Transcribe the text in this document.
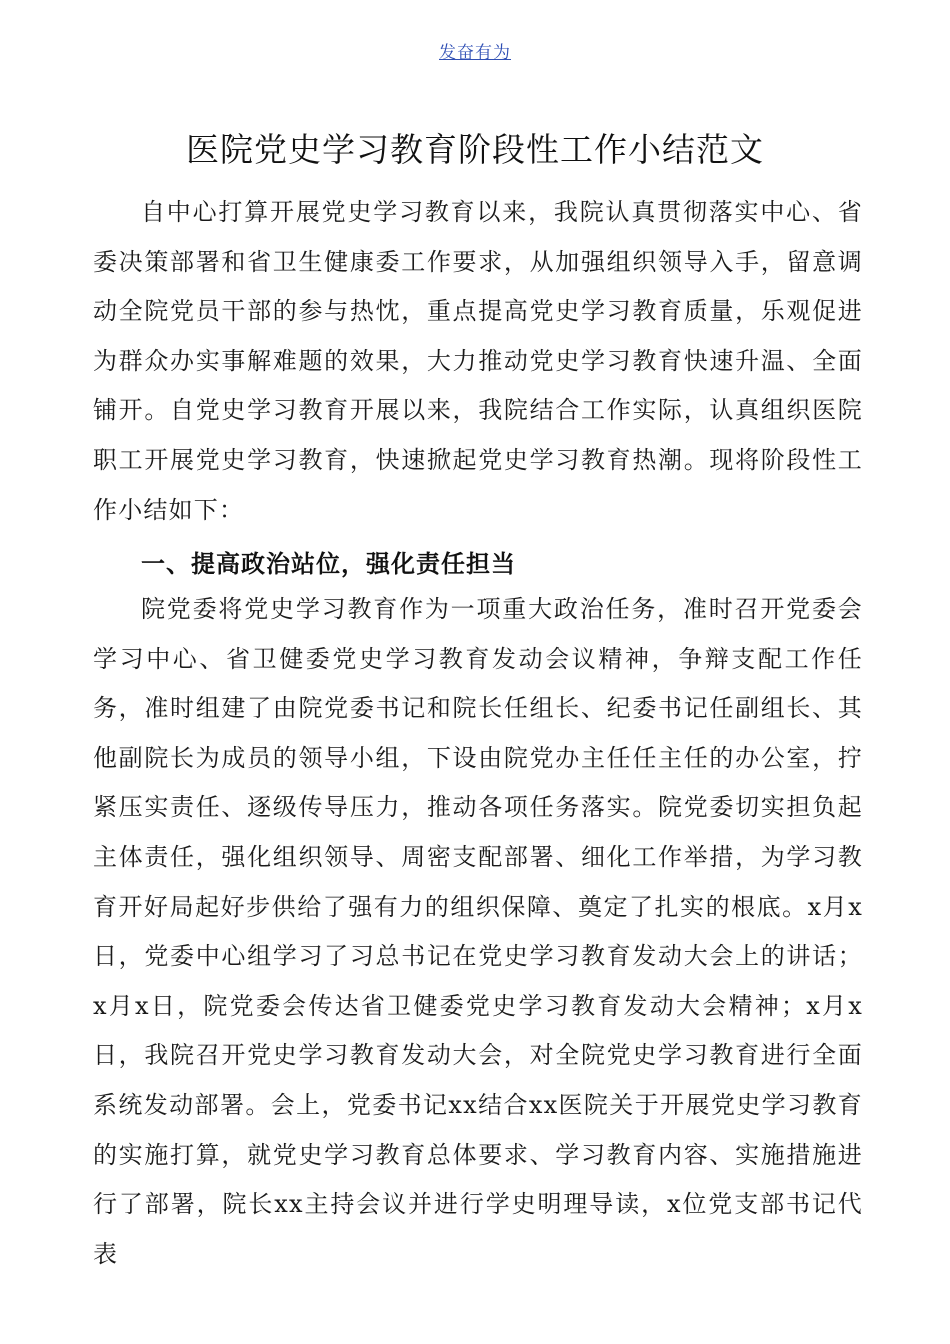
发奋有为
医院党史学习教育阶段性工作小结范文

自中心打算开展党史学习教育以来，我院认真贯彻落实中心、省委决策部署和省卫生健康委工作要求，从加强组织领导入手，留意调动全院党员干部的参与热忱，重点提高党史学习教育质量，乐观促进为群众办实事解难题的效果，大力推动党史学习教育快速升温、全面铺开。自党史学习教育开展以来，我院结合工作实际，认真组织医院职工开展党史学习教育，快速掀起党史学习教育热潮。现将阶段性工作小结如下：

一、提高政治站位，强化责任担当

院党委将党史学习教育作为一项重大政治任务，准时召开党委会学习中心、省卫健委党史学习教育发动会议精神，争辩支配工作任务，准时组建了由院党委书记和院长任组长、纪委书记任副组长、其他副院长为成员的领导小组，下设由院党办主任任主任的办公室，拧紧压实责任、逐级传导压力，推动各项任务落实。院党委切实担负起主体责任，强化组织领导、周密支配部署、细化工作举措，为学习教育开好局起好步供给了强有力的组织保障、奠定了扎实的根底。x月x日，党委中心组学习了习总书记在党史学习教育发动大会上的讲话；x月x日，院党委会传达省卫健委党史学习教育发动大会精神；x月x日，我院召开党史学习教育发动大会，对全院党史学习教育进行全面系统发动部署。会上，党委书记xx结合xx医院关于开展党史学习教育的实施打算，就党史学习教育总体要求、学习教育内容、实施措施进行了部署，院长xx主持会议并进行学史明理导读，x位党支部书记代表
